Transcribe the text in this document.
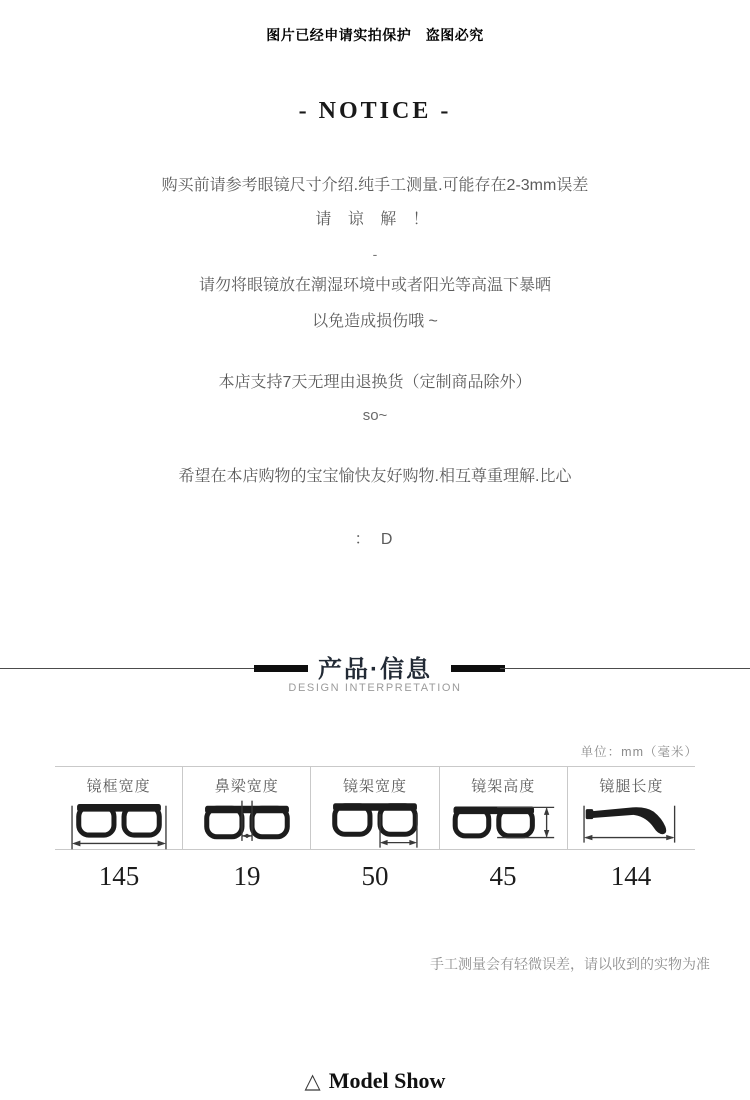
图片已经申请实拍保护　盗图必究
- NOTICE -
购买前请参考眼镜尺寸介绍.纯手工测量.可能存在2-3mm误差
请 谅 解 ！
-
请勿将眼镜放在潮湿环境中或者阳光等高温下暴晒
以免造成损伤哦 ~
本店支持7天无理由退换货（定制商品除外）
so~
希望在本店购物的宝宝愉快友好购物.相互尊重理解.比心
： D
产品·信息
DESIGN INTERPRETATION
单位：mm（毫米）
镜框宽度	鼻梁宽度	镜架宽度	镜架高度	镜腿长度
145	19	50	45	144
手工测量会有轻微误差，请以收到的实物为准
△ Model Show
